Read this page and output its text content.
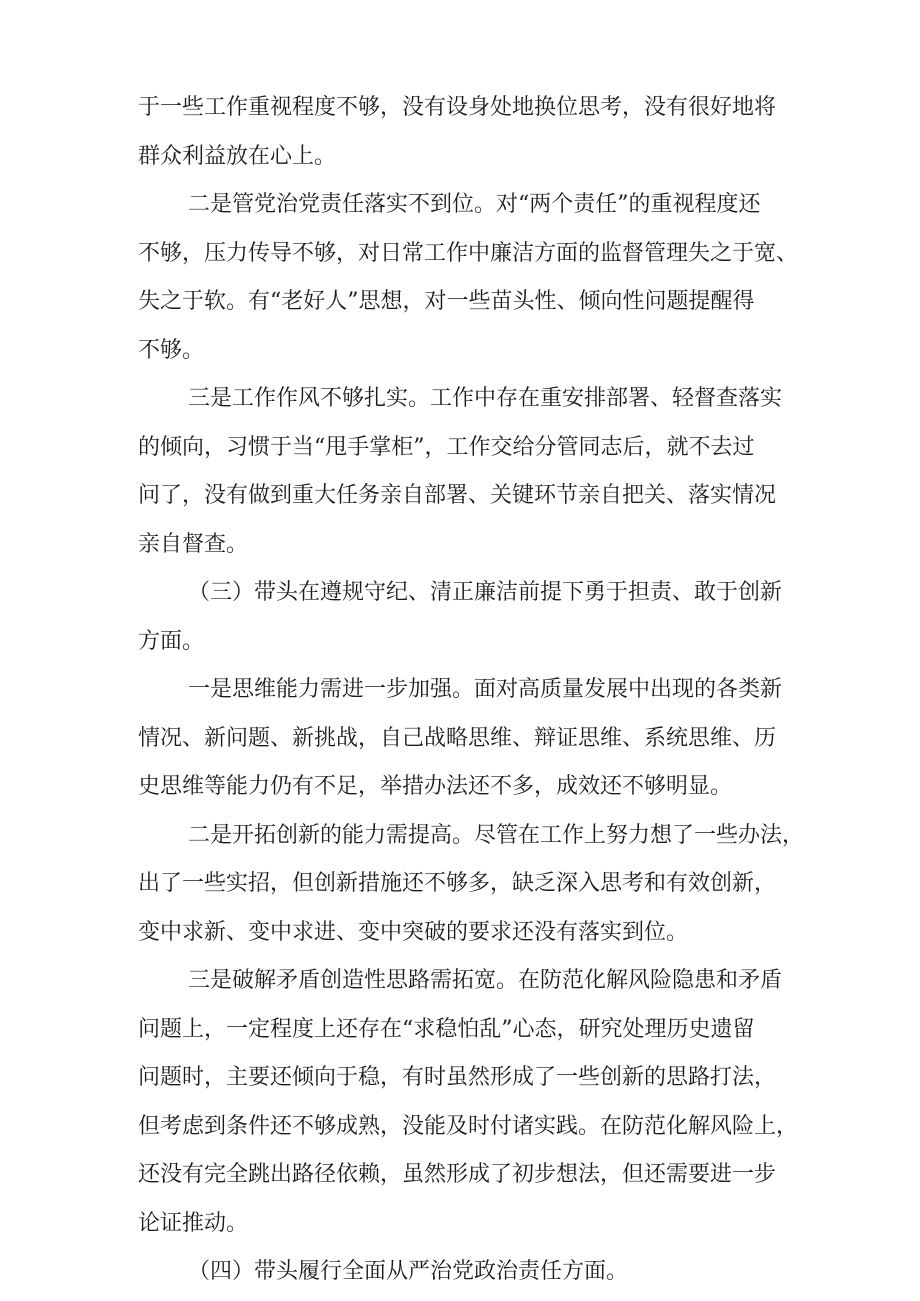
于一些工作重视程度不够，没有设身处地换位思考，没有很好地将
群众利益放在心上。
二是管党治党责任落实不到位。对“两个责任”的重视程度还
不够，压力传导不够，对日常工作中廉洁方面的监督管理失之于宽、
失之于软。有“老好人”思想，对一些苗头性、倾向性问题提醒得
不够。
三是工作作风不够扎实。工作中存在重安排部署、轻督查落实
的倾向，习惯于当“甩手掌柜”，工作交给分管同志后，就不去过
问了，没有做到重大任务亲自部署、关键环节亲自把关、落实情况
亲自督查。
（三）带头在遵规守纪、清正廉洁前提下勇于担责、敢于创新
方面。
一是思维能力需进一步加强。面对高质量发展中出现的各类新
情况、新问题、新挑战，自己战略思维、辩证思维、系统思维、历
史思维等能力仍有不足，举措办法还不多，成效还不够明显。
二是开拓创新的能力需提高。尽管在工作上努力想了一些办法，
出了一些实招，但创新措施还不够多，缺乏深入思考和有效创新，
变中求新、变中求进、变中突破的要求还没有落实到位。
三是破解矛盾创造性思路需拓宽。在防范化解风险隐患和矛盾
问题上，一定程度上还存在“求稳怕乱”心态，研究处理历史遗留
问题时，主要还倾向于稳，有时虽然形成了一些创新的思路打法，
但考虑到条件还不够成熟，没能及时付诸实践。在防范化解风险上，
还没有完全跳出路径依赖，虽然形成了初步想法，但还需要进一步
论证推动。
（四）带头履行全面从严治党政治责任方面。
